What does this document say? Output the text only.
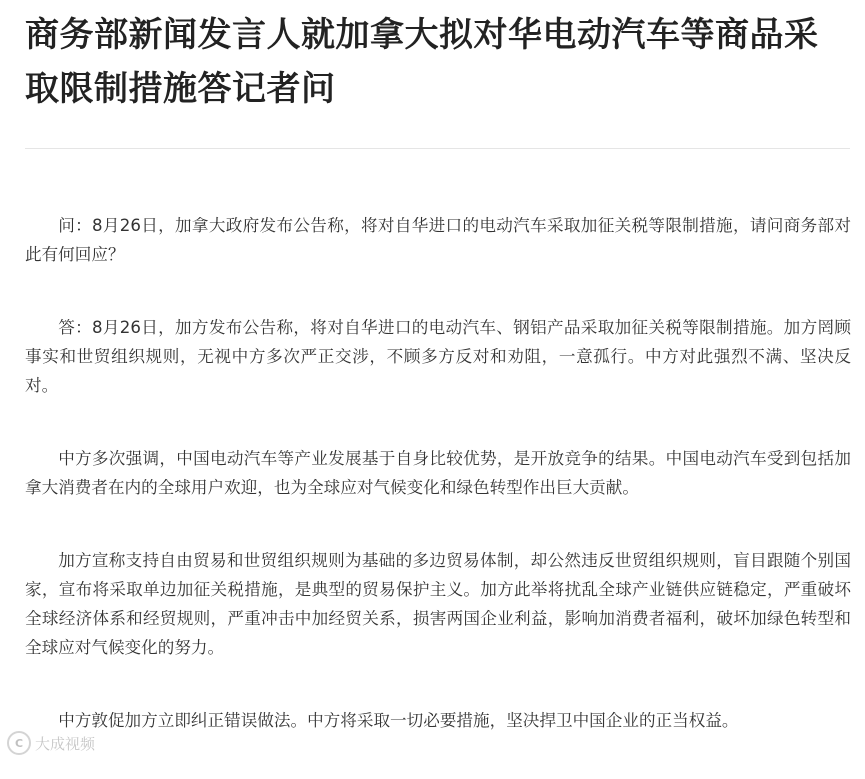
商务部新闻发言人就加拿大拟对华电动汽车等商品采取限制措施答记者问

问：8月26日，加拿大政府发布公告称，将对自华进口的电动汽车采取加征关税等限制措施，请问商务部对此有何回应？

答：8月26日，加方发布公告称，将对自华进口的电动汽车、钢铝产品采取加征关税等限制措施。加方罔顾事实和世贸组织规则，无视中方多次严正交涉，不顾多方反对和劝阻，一意孤行。中方对此强烈不满、坚决反对。

中方多次强调，中国电动汽车等产业发展基于自身比较优势，是开放竞争的结果。中国电动汽车受到包括加拿大消费者在内的全球用户欢迎，也为全球应对气候变化和绿色转型作出巨大贡献。

加方宣称支持自由贸易和世贸组织规则为基础的多边贸易体制，却公然违反世贸组织规则，盲目跟随个别国家，宣布将采取单边加征关税措施，是典型的贸易保护主义。加方此举将扰乱全球产业链供应链稳定，严重破坏全球经济体系和经贸规则，严重冲击中加经贸关系，损害两国企业利益，影响加消费者福利，破坏加绿色转型和全球应对气候变化的努力。

中方敦促加方立即纠正错误做法。中方将采取一切必要措施，坚决捍卫中国企业的正当权益。

C 大成视频
